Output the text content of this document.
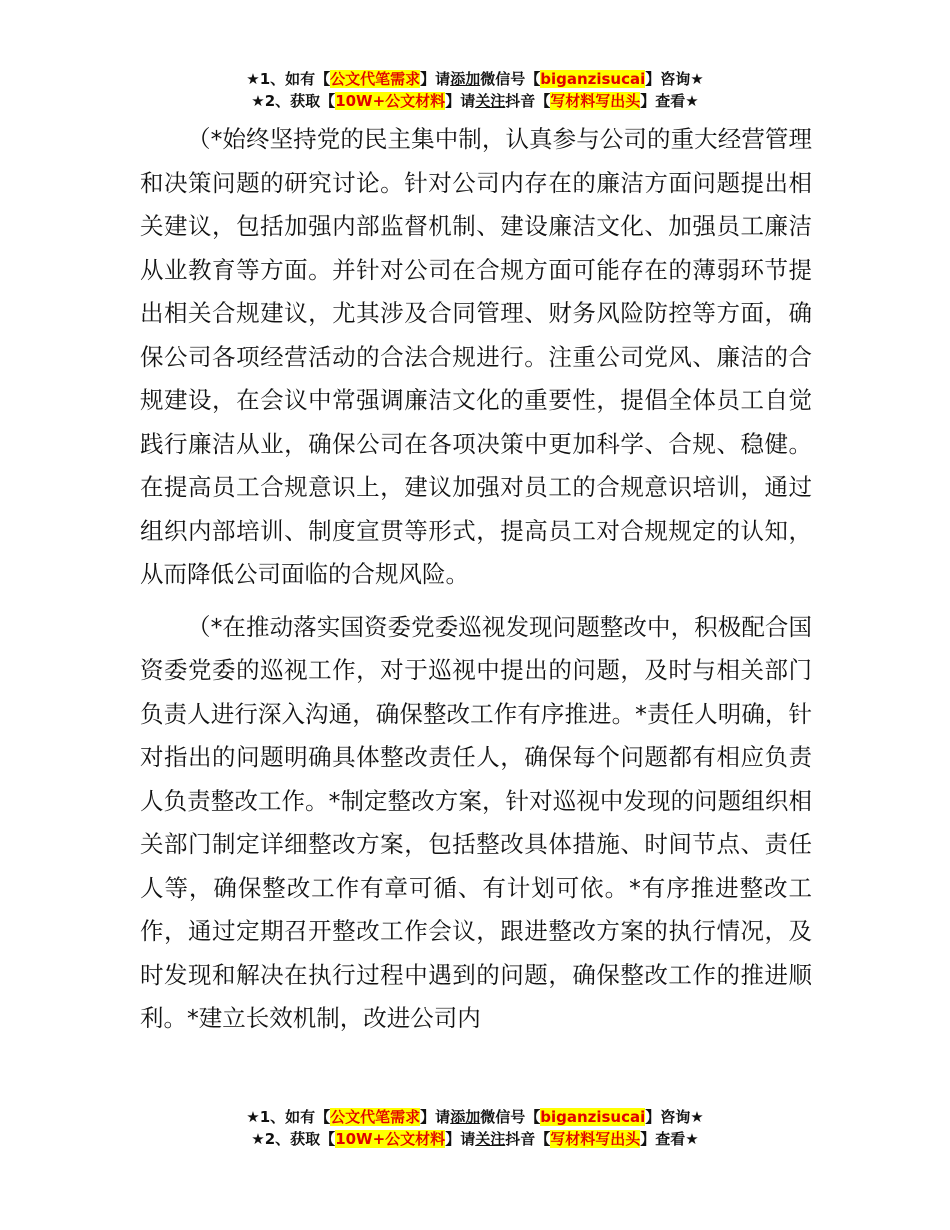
★1、如有【公文代笔需求】请添加微信号【biganzisucai】咨询★
★2、获取【10W+公文材料】请关注抖音【写材料写出头】查看★

（*始终坚持党的民主集中制，认真参与公司的重大经营管理和决策问题的研究讨论。针对公司内存在的廉洁方面问题提出相关建议，包括加强内部监督机制、建设廉洁文化、加强员工廉洁从业教育等方面。并针对公司在合规方面可能存在的薄弱环节提出相关合规建议，尤其涉及合同管理、财务风险防控等方面，确保公司各项经营活动的合法合规进行。注重公司党风、廉洁的合规建设，在会议中常强调廉洁文化的重要性，提倡全体员工自觉践行廉洁从业，确保公司在各项决策中更加科学、合规、稳健。在提高员工合规意识上，建议加强对员工的合规意识培训，通过组织内部培训、制度宣贯等形式，提高员工对合规规定的认知，从而降低公司面临的合规风险。

（*在推动落实国资委党委巡视发现问题整改中，积极配合国资委党委的巡视工作，对于巡视中提出的问题，及时与相关部门负责人进行深入沟通，确保整改工作有序推进。*责任人明确，针对指出的问题明确具体整改责任人，确保每个问题都有相应负责人负责整改工作。*制定整改方案，针对巡视中发现的问题组织相关部门制定详细整改方案，包括整改具体措施、时间节点、责任人等，确保整改工作有章可循、有计划可依。*有序推进整改工作，通过定期召开整改工作会议，跟进整改方案的执行情况，及时发现和解决在执行过程中遇到的问题，确保整改工作的推进顺利。*建立长效机制，改进公司内

★1、如有【公文代笔需求】请添加微信号【biganzisucai】咨询★
★2、获取【10W+公文材料】请关注抖音【写材料写出头】查看★
